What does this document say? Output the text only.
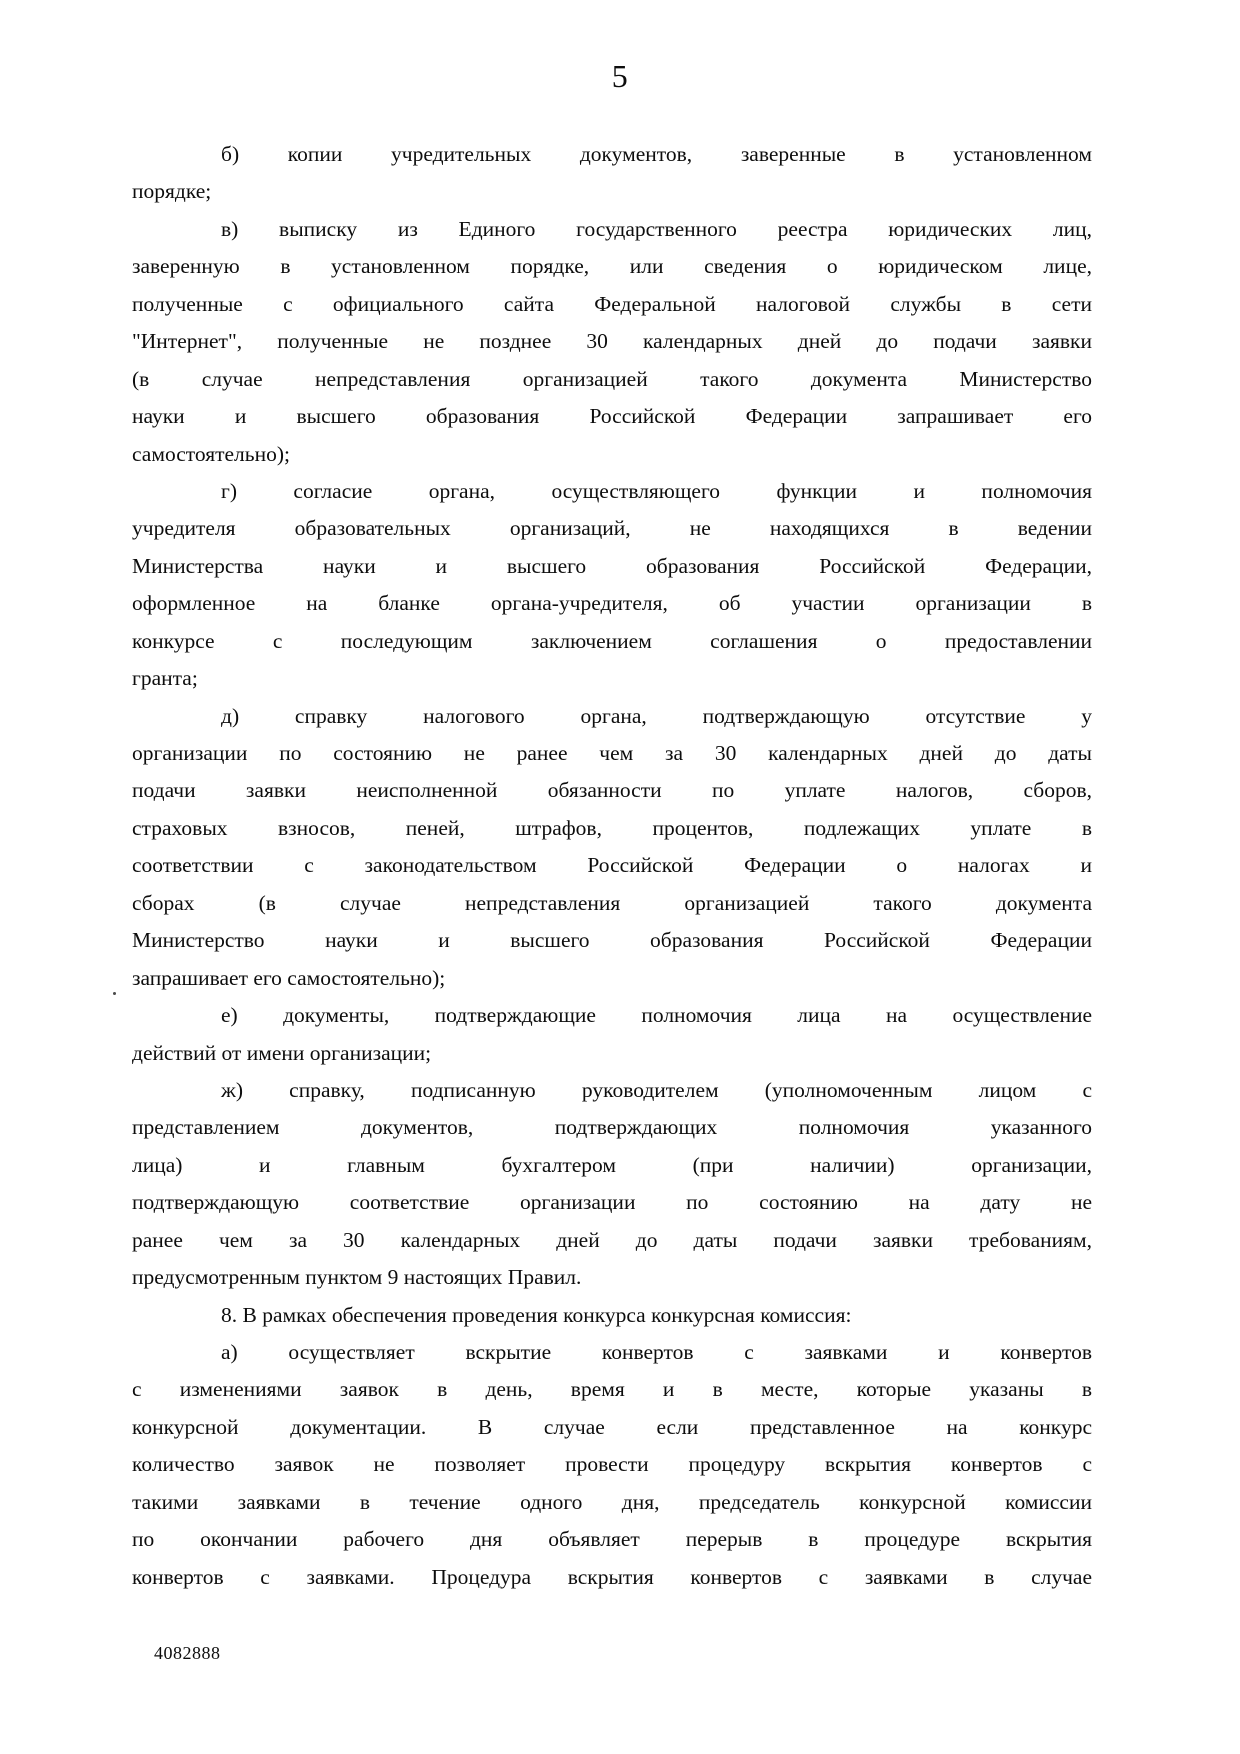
5

б) копии учредительных документов, заверенные в установленном
порядке;

в) выписку из Единого государственного реестра юридических лиц,
заверенную в установленном порядке, или сведения о юридическом лице,
полученные с официального сайта Федеральной налоговой службы в сети
"Интернет", полученные не позднее 30 календарных дней до подачи заявки
(в случае непредставления организацией такого документа Министерство
науки и высшего образования Российской Федерации запрашивает его
самостоятельно);

г) согласие органа, осуществляющего функции и полномочия
учредителя образовательных организаций, не находящихся в ведении
Министерства науки и высшего образования Российской Федерации,
оформленное на бланке органа-учредителя, об участии организации в
конкурсе с последующим заключением соглашения о предоставлении
гранта;

д) справку налогового органа, подтверждающую отсутствие у
организации по состоянию не ранее чем за 30 календарных дней до даты
подачи заявки неисполненной обязанности по уплате налогов, сборов,
страховых взносов, пеней, штрафов, процентов, подлежащих уплате в
соответствии с законодательством Российской Федерации о налогах и
сборах (в случае непредставления организацией такого документа
Министерство науки и высшего образования Российской Федерации
запрашивает его самостоятельно);

е) документы, подтверждающие полномочия лица на осуществление
действий от имени организации;

ж) справку, подписанную руководителем (уполномоченным лицом с
представлением документов, подтверждающих полномочия указанного
лица) и главным бухгалтером (при наличии) организации,
подтверждающую соответствие организации по состоянию на дату не
ранее чем за 30 календарных дней до даты подачи заявки требованиям,
предусмотренным пунктом 9 настоящих Правил.

8. В рамках обеспечения проведения конкурса конкурсная комиссия:

а) осуществляет вскрытие конвертов с заявками и конвертов
с изменениями заявок в день, время и в месте, которые указаны в
конкурсной документации. В случае если представленное на конкурс
количество заявок не позволяет провести процедуру вскрытия конвертов с
такими заявками в течение одного дня, председатель конкурсной комиссии
по окончании рабочего дня объявляет перерыв в процедуре вскрытия
конвертов с заявками. Процедура вскрытия конвертов с заявками в случае

4082888
